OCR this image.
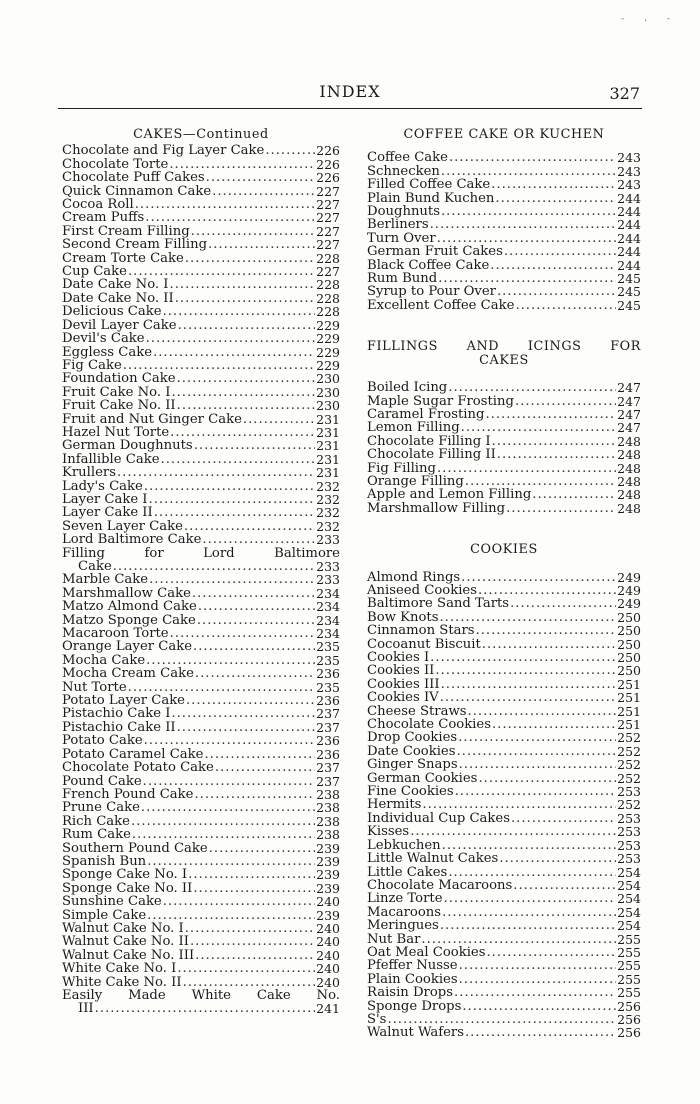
- . -
INDEX	327
CAKES—Continued
Chocolate and Fig Layer Cake . . .	226
Chocolate Torte . . .	226
Chocolate Puff Cakes . . .	226
Quick Cinnamon Cake . . .	227
Cocoa Roll . . .	227
Cream Puffs . . .	227
First Cream Filling . . .	227
Second Cream Filling . . .	227
Cream Torte Cake . . .	228
Cup Cake . . .	227
Date Cake No. I . . .	228
Date Cake No. II . . .	228
Delicious Cake . . .	228
Devil Layer Cake . . .	229
Devil's Cake . . .	229
Eggless Cake . . .	229
Fig Cake . . .	229
Foundation Cake . . .	230
Fruit Cake No. I . . .	230
Fruit Cake No. II . . .	230
Fruit and Nut Ginger Cake . . .	231
Hazel Nut Torte . . .	231
German Doughnuts . . .	231
Infallible Cake . . .	231
Krullers . . .	231
Lady's Cake . . .	232
Layer Cake I . . .	232
Layer Cake II . . .	232
Seven Layer Cake . . .	232
Lord Baltimore Cake . . .	233
Filling for Lord Baltimore
Cake . . .	233
Marble Cake . . .	233
Marshmallow Cake . . .	234
Matzo Almond Cake . . .	234
Matzo Sponge Cake . . .	234
Macaroon Torte . . .	234
Orange Layer Cake . . .	235
Mocha Cake . . .	235
Mocha Cream Cake . . .	236
Nut Torte . . .	235
Potato Layer Cake . . .	236
Pistachio Cake I . . .	237
Pistachio Cake II . . .	237
Potato Cake . . .	236
Potato Caramel Cake . . .	236
Chocolate Potato Cake . . .	237
Pound Cake . . .	237
French Pound Cake . . .	238
Prune Cake . . .	238
Rich Cake . . .	238
Rum Cake . . .	238
Southern Pound Cake . . .	239
Spanish Bun . . .	239
Sponge Cake No. I . . .	239
Sponge Cake No. II . . .	239
Sunshine Cake . . .	240
Simple Cake . . .	239
Walnut Cake No. I . . .	240
Walnut Cake No. II . . .	240
Walnut Cake No. III . . .	240
White Cake No. I . . .	240
White Cake No. II . . .	240
Easily Made White Cake No.
III . . .	241
COFFEE CAKE OR KUCHEN
Coffee Cake . . .	243
Schnecken . . .	243
Filled Coffee Cake . . .	243
Plain Bund Kuchen . . .	244
Doughnuts . . .	244
Berliners . . .	244
Turn Over . . .	244
German Fruit Cakes . . .	244
Black Coffee Cake . . .	244
Rum Bund . . .	245
Syrup to Pour Over . . .	245
Excellent Coffee Cake . . .	245
FILLINGS AND ICINGS FOR
CAKES
Boiled Icing . . .	247
Maple Sugar Frosting . . .	247
Caramel Frosting . . .	247
Lemon Filling . . .	247
Chocolate Filling I . . .	248
Chocolate Filling II . . .	248
Fig Filling . . .	248
Orange Filling . . .	248
Apple and Lemon Filling . . .	248
Marshmallow Filling . . .	248
COOKIES
Almond Rings . . .	249
Aniseed Cookies . . .	249
Baltimore Sand Tarts . . .	249
Bow Knots . . .	250
Cinnamon Stars . . .	250
Cocoanut Biscuit . . .	250
Cookies I . . .	250
Cookies II . . .	250
Cookies III . . .	251
Cookies IV . . .	251
Cheese Straws . . .	251
Chocolate Cookies . . .	251
Drop Cookies . . .	252
Date Cookies . . .	252
Ginger Snaps . . .	252
German Cookies . . .	252
Fine Cookies . . .	253
Hermits . . .	252
Individual Cup Cakes . . .	253
Kisses . . .	253
Lebkuchen . . .	253
Little Walnut Cakes . . .	253
Little Cakes . . .	254
Chocolate Macaroons . . .	254
Linze Torte . . .	254
Macaroons . . .	254
Meringues . . .	254
Nut Bar . . .	255
Oat Meal Cookies . . .	255
Pfeffer Nusse . . .	255
Plain Cookies . . .	255
Raisin Drops . . .	255
Sponge Drops . . .	256
S's . . .	256
Walnut Wafers . . .	256
